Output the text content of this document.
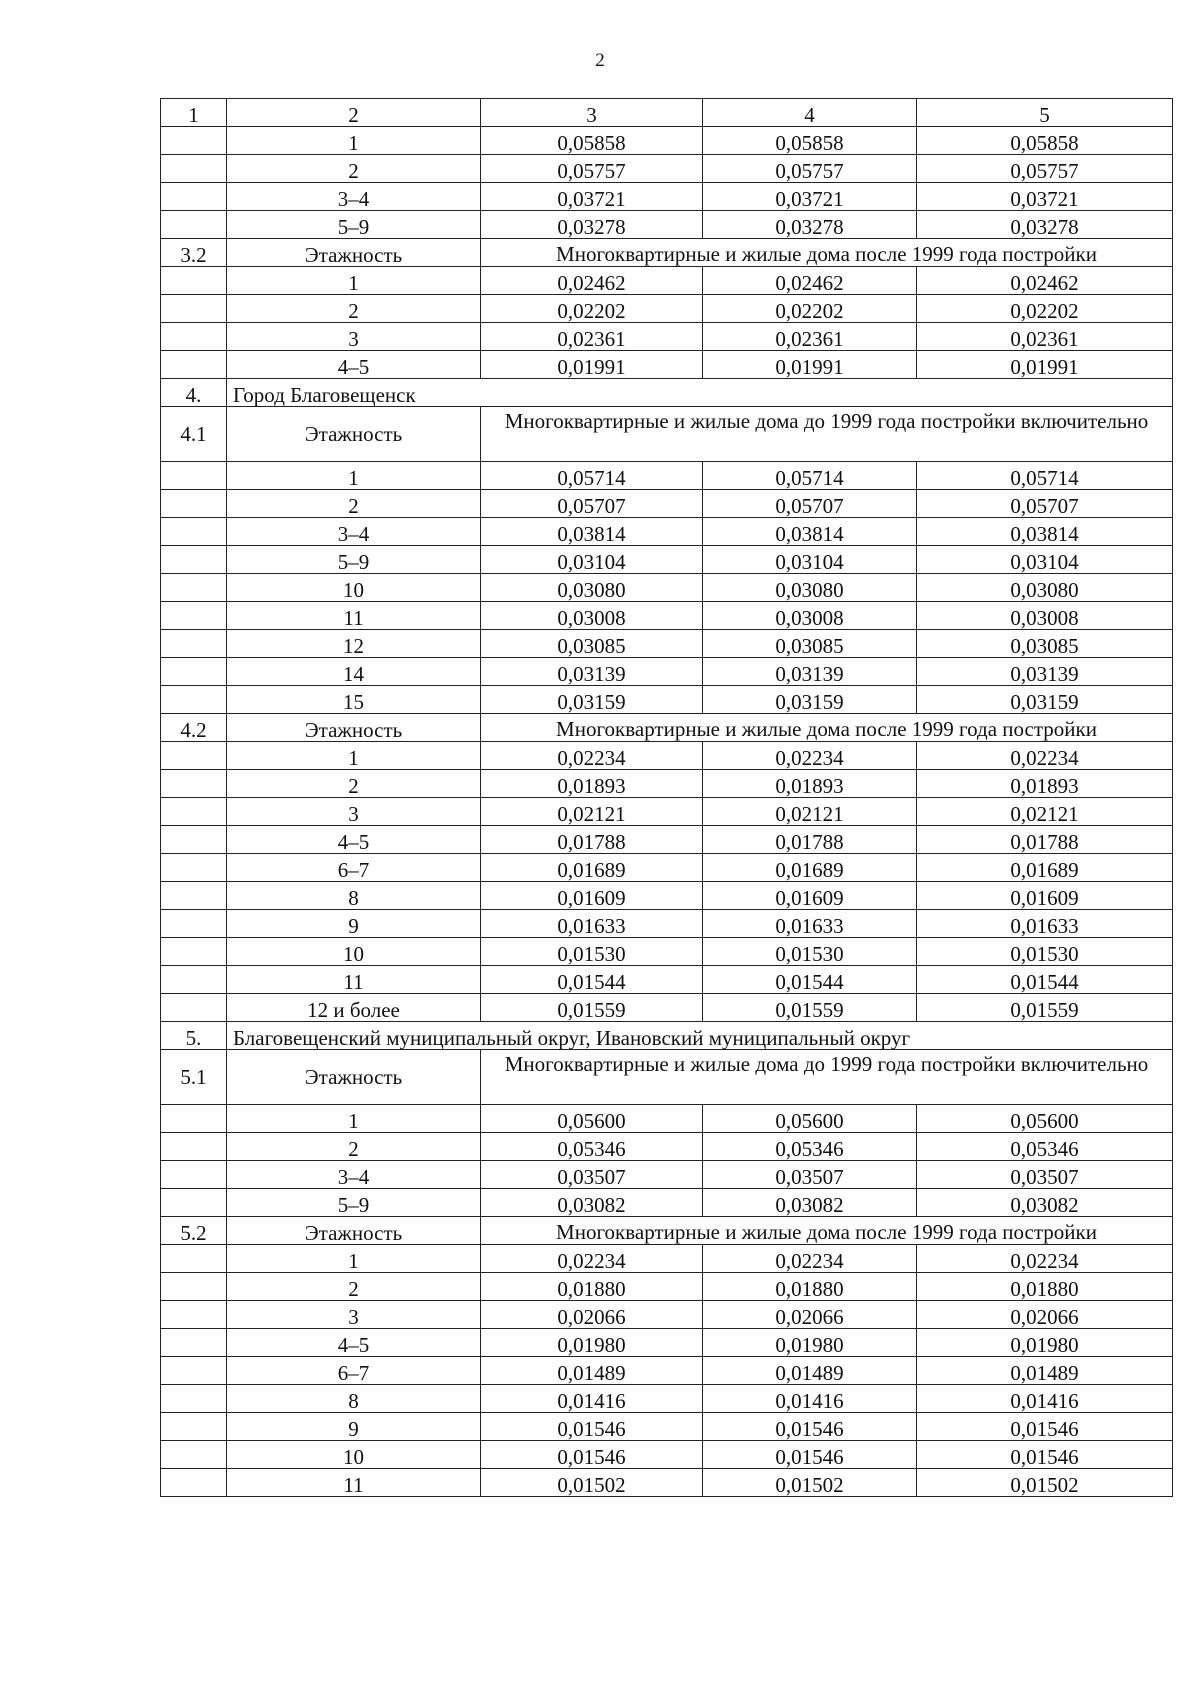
2
1	2	3	4	5
	1	0,05858	0,05858	0,05858
	2	0,05757	0,05757	0,05757
	3–4	0,03721	0,03721	0,03721
	5–9	0,03278	0,03278	0,03278
3.2	Этажность	Многоквартирные и жилые дома после 1999 года постройки		
	1	0,02462	0,02462	0,02462
	2	0,02202	0,02202	0,02202
	3	0,02361	0,02361	0,02361
	4–5	0,01991	0,01991	0,01991
4.	Город Благовещенск			
4.1	Этажность	Многоквартирные и жилые дома до 1999 года постройки включительно		
	1	0,05714	0,05714	0,05714
	2	0,05707	0,05707	0,05707
	3–4	0,03814	0,03814	0,03814
	5–9	0,03104	0,03104	0,03104
	10	0,03080	0,03080	0,03080
	11	0,03008	0,03008	0,03008
	12	0,03085	0,03085	0,03085
	14	0,03139	0,03139	0,03139
	15	0,03159	0,03159	0,03159
4.2	Этажность	Многоквартирные и жилые дома после 1999 года постройки		
	1	0,02234	0,02234	0,02234
	2	0,01893	0,01893	0,01893
	3	0,02121	0,02121	0,02121
	4–5	0,01788	0,01788	0,01788
	6–7	0,01689	0,01689	0,01689
	8	0,01609	0,01609	0,01609
	9	0,01633	0,01633	0,01633
	10	0,01530	0,01530	0,01530
	11	0,01544	0,01544	0,01544
	12 и более	0,01559	0,01559	0,01559
5.	Благовещенский муниципальный округ, Ивановский муниципальный округ			
5.1	Этажность	Многоквартирные и жилые дома до 1999 года постройки включительно		
	1	0,05600	0,05600	0,05600
	2	0,05346	0,05346	0,05346
	3–4	0,03507	0,03507	0,03507
	5–9	0,03082	0,03082	0,03082
5.2	Этажность	Многоквартирные и жилые дома после 1999 года постройки		
	1	0,02234	0,02234	0,02234
	2	0,01880	0,01880	0,01880
	3	0,02066	0,02066	0,02066
	4–5	0,01980	0,01980	0,01980
	6–7	0,01489	0,01489	0,01489
	8	0,01416	0,01416	0,01416
	9	0,01546	0,01546	0,01546
	10	0,01546	0,01546	0,01546
	11	0,01502	0,01502	0,01502
